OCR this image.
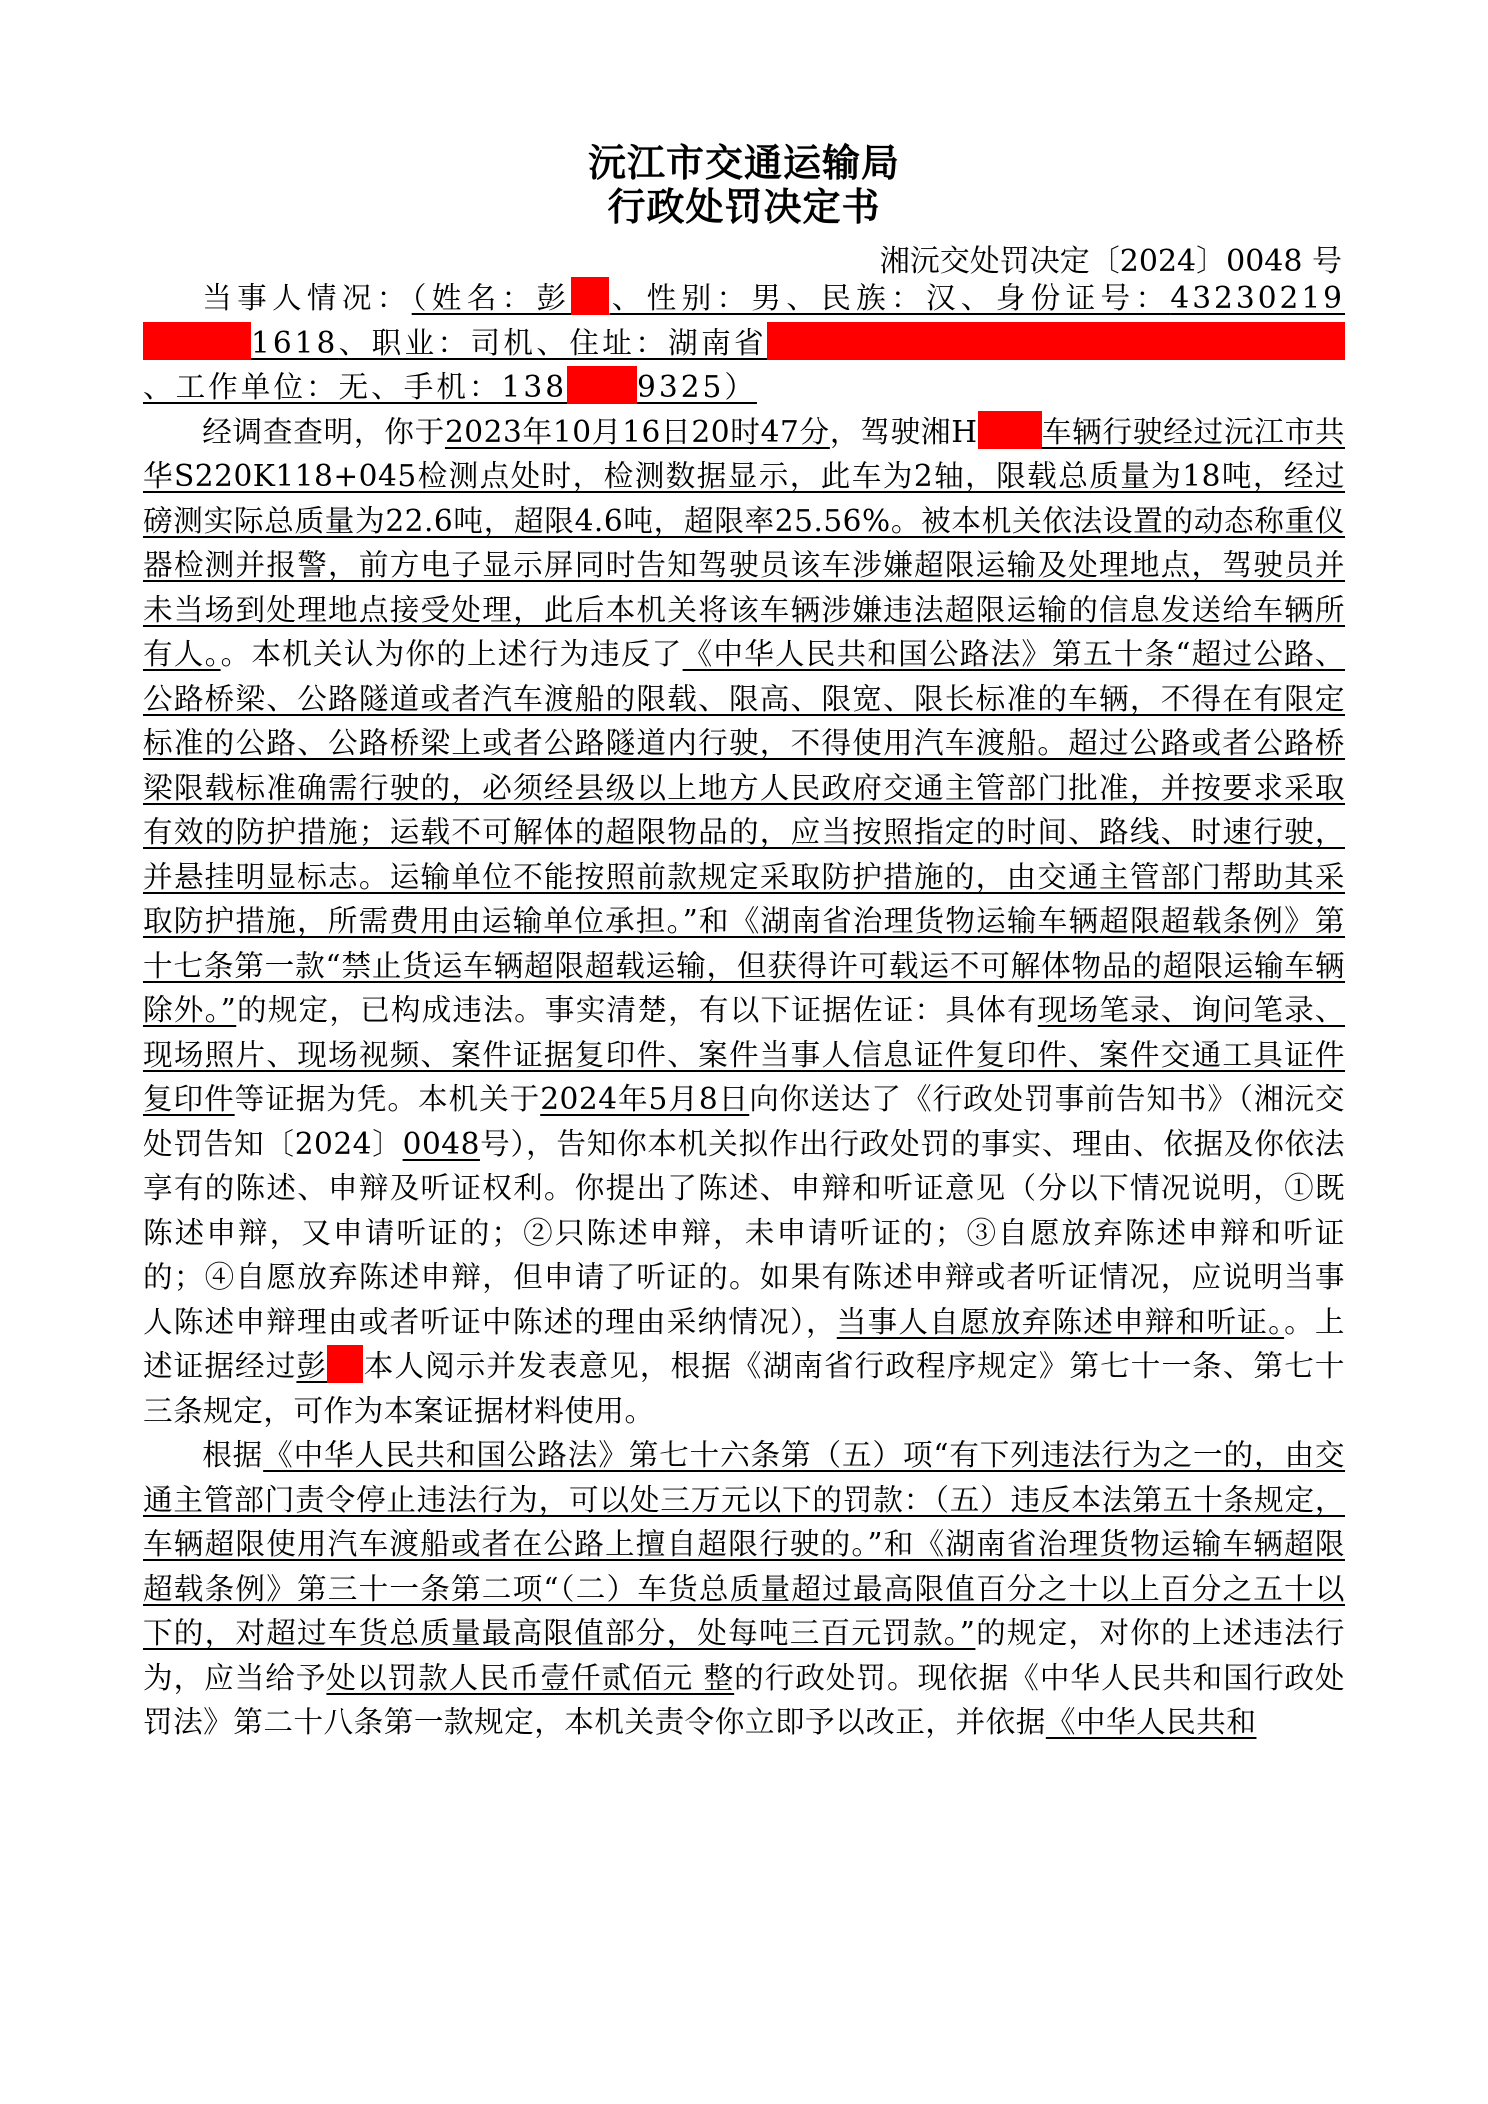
沅江市交通运输局
行政处罚决定书
湘沅交处罚决定〔2024〕0048 号

当事人情况：（姓名：彭 、性别：男、民族：汉、身份证号：432302191618、职业：司机、住址：湖南省、工作单位：无、手机：138 9325）

经调查查明，你于2023年10月16日20时47分，驾驶湘H 车辆行驶经过沅江市共华S220K118+045检测点处时，检测数据显示，此车为2轴，限载总质量为18吨，经过磅测实际总质量为22.6吨，超限4.6吨，超限率25.56%。被本机关依法设置的动态称重仪器检测并报警，前方电子显示屏同时告知驾驶员该车涉嫌超限运输及处理地点，驾驶员并未当场到处理地点接受处理，此后本机关将该车辆涉嫌违法超限运输的信息发送给车辆所有人。。本机关认为你的上述行为违反了《中华人民共和国公路法》第五十条“超过公路、公路桥梁、公路隧道或者汽车渡船的限载、限高、限宽、限长标准的车辆，不得在有限定标准的公路、公路桥梁上或者公路隧道内行驶，不得使用汽车渡船。超过公路或者公路桥梁限载标准确需行驶的，必须经县级以上地方人民政府交通主管部门批准，并按要求采取有效的防护措施；运载不可解体的超限物品的，应当按照指定的时间、路线、时速行驶，并悬挂明显标志。运输单位不能按照前款规定采取防护措施的，由交通主管部门帮助其采取防护措施，所需费用由运输单位承担。”和《湖南省治理货物运输车辆超限超载条例》第十七条第一款“禁止货运车辆超限超载运输，但获得许可载运不可解体物品的超限运输车辆除外。”的规定，已构成违法。事实清楚，有以下证据佐证：具体有现场笔录、询问笔录、现场照片、现场视频、案件证据复印件、案件当事人信息证件复印件、案件交通工具证件复印件等证据为凭。本机关于2024年5月8日向你送达了《行政处罚事前告知书》（湘沅交处罚告知〔2024〕0048号），告知你本机关拟作出行政处罚的事实、理由、依据及你依法享有的陈述、申辩及听证权利。你提出了陈述、申辩和听证意见（分以下情况说明，①既陈述申辩，又申请听证的；②只陈述申辩，未申请听证的；③自愿放弃陈述申辩和听证的；④自愿放弃陈述申辩，但申请了听证的。如果有陈述申辩或者听证情况，应说明当事人陈述申辩理由或者听证中陈述的理由采纳情况），当事人自愿放弃陈述申辩和听证。。上述证据经过彭 本人阅示并发表意见，根据《湖南省行政程序规定》第七十一条、第七十三条规定，可作为本案证据材料使用。

根据《中华人民共和国公路法》第七十六条第（五）项“有下列违法行为之一的，由交通主管部门责令停止违法行为，可以处三万元以下的罚款：（五）违反本法第五十条规定，车辆超限使用汽车渡船或者在公路上擅自超限行驶的。”和《湖南省治理货物运输车辆超限超载条例》第三十一条第二项“（二）车货总质量超过最高限值百分之十以上百分之五十以下的，对超过车货总质量最高限值部分，处每吨三百元罚款。”的规定，对你的上述违法行为，应当给予处以罚款人民币壹仟贰佰元 整的行政处罚。现依据《中华人民共和国行政处罚法》第二十八条第一款规定，本机关责令你立即予以改正，并依据《中华人民共和
